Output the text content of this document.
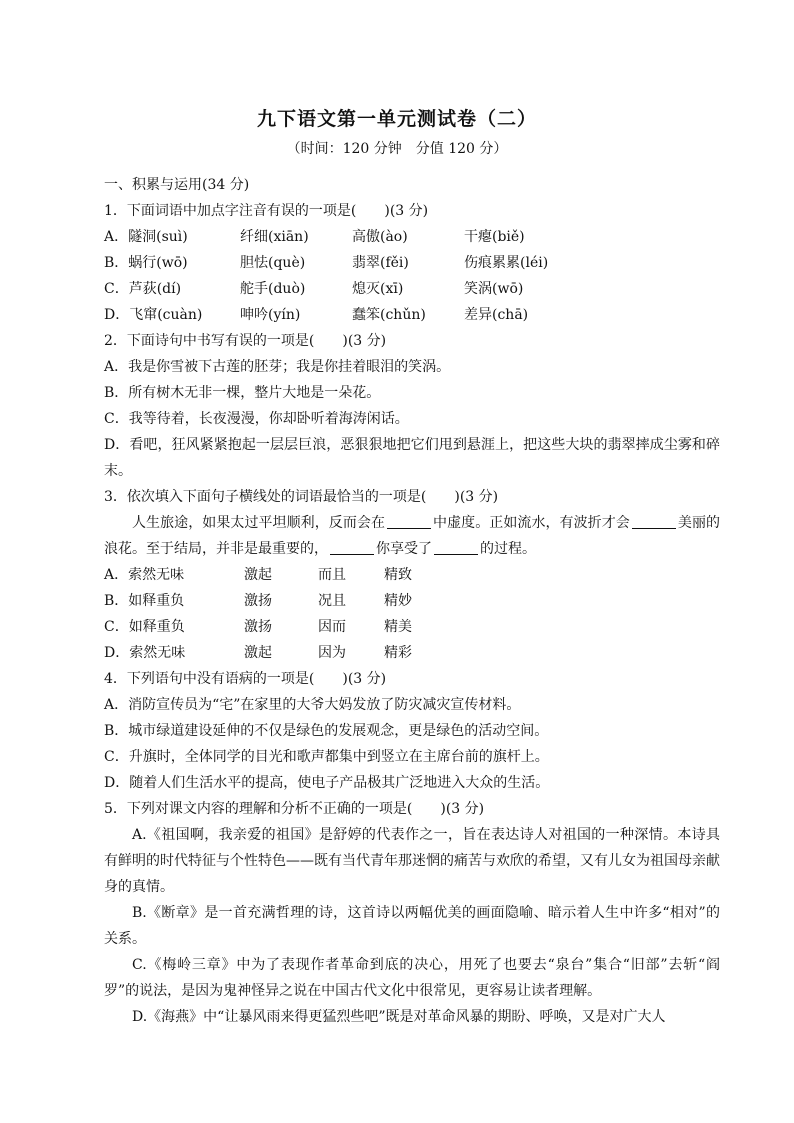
九下语文第一单元测试卷（二）
（时间：120 分钟　分值 120 分）
一、积累与运用(34 分)
1．下面词语中加点字注音有误的一项是(　　)(3 分)
A．隧洞(suì)	纤细(xiān)	高傲(ào)	干瘪(biě)
B．蜗行(wō)	胆怯(què)	翡翠(fěi)	伤痕累累(léi)
C．芦荻(dí)	舵手(duò)	熄灭(xī)	笑涡(wō)
D．飞窜(cuàn)	呻吟(yín)	蠢笨(chǔn)	差异(chā)
2．下面诗句中书写有误的一项是(　　)(3 分)
A．我是你雪被下古莲的胚芽；我是你挂着眼泪的笑涡。
B．所有树木无非一棵，整片大地是一朵花。
C．我等待着，长夜漫漫，你却卧听着海涛闲话。

D．看吧，狂风紧紧抱起一层层巨浪，恶狠狠地把它们甩到悬涯上，把这些大块的翡翠摔成尘雾和碎末。

3．依次填入下面句子横线处的词语最恰当的一项是(　　)(3 分)

人生旅途，如果太过平坦顺利，反而会在	中虚度。正如流水，有波折才会	美丽的浪花。至于结局，并非是最重要的，	你享受了	的过程。

A．索然无味	激起	而且	精致
B．如释重负	激扬	况且	精妙
C．如释重负	激扬	因而	精美
D．索然无味	激起	因为	精彩
4．下列语句中没有语病的一项是(　　)(3 分)
A．消防宣传员为“宅”在家里的大爷大妈发放了防灾减灾宣传材料。
B．城市绿道建设延伸的不仅是绿色的发展观念，更是绿色的活动空间。
C．升旗时，全体同学的目光和歌声都集中到竖立在主席台前的旗杆上。
D．随着人们生活水平的提高，使电子产品极其广泛地进入大众的生活。
5．下列对课文内容的理解和分析不正确的一项是(　　)(3 分)

A.《祖国啊，我亲爱的祖国》是舒婷的代表作之一，旨在表达诗人对祖国的一种深情。本诗具有鲜明的时代特征与个性特色——既有当代青年那迷惘的痛苦与欢欣的希望，又有儿女为祖国母亲献身的真情。

B.《断章》是一首充满哲理的诗，这首诗以两幅优美的画面隐喻、暗示着人生中许多“相对”的关系。

C.《梅岭三章》中为了表现作者革命到底的决心，用死了也要去“泉台”集合“旧部”去斩“阎罗”的说法，是因为鬼神怪异之说在中国古代文化中很常见，更容易让读者理解。

D.《海燕》中“让暴风雨来得更猛烈些吧”既是对革命风暴的期盼、呼唤，又是对广大人
